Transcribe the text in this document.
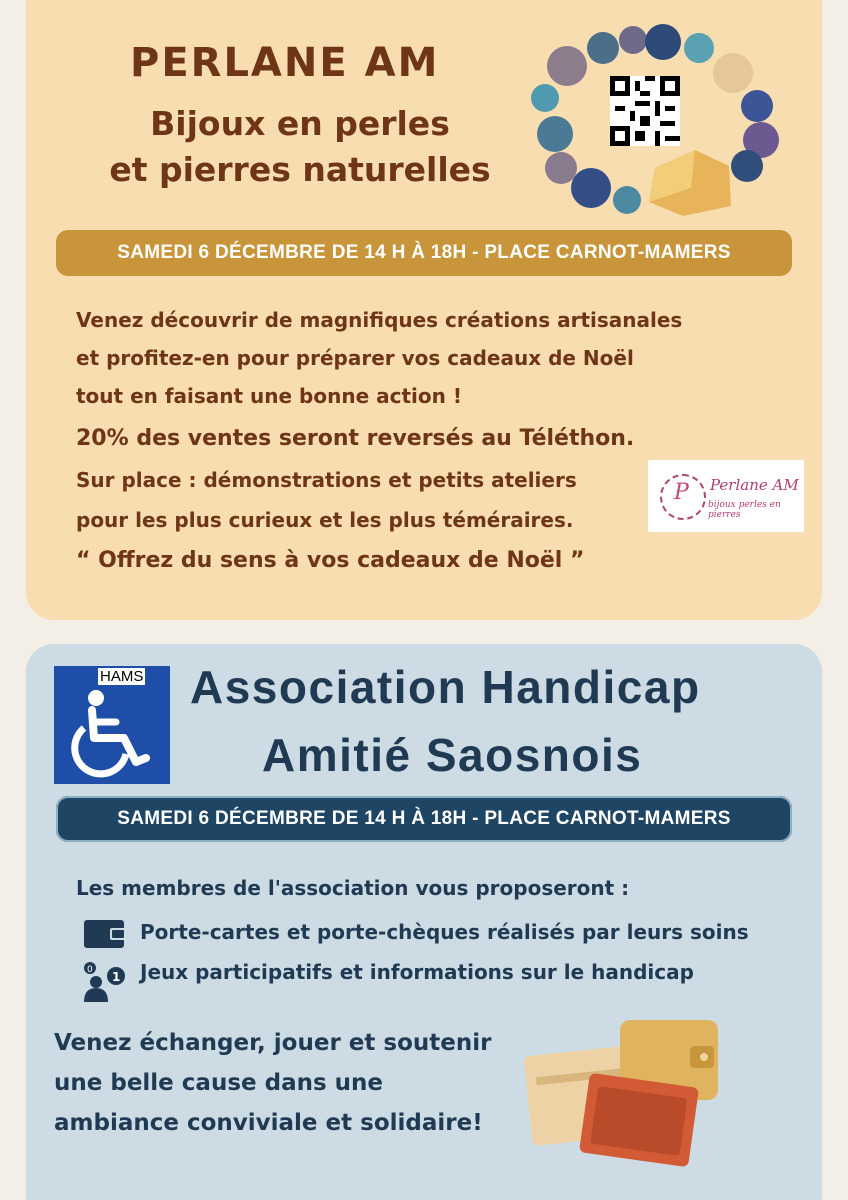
PERLANE AM
Bijoux en perles
et pierres naturelles
SAMEDI 6 DÉCEMBRE DE 14 H À 18H - PLACE CARNOT-MAMERS
Venez découvrir de magnifiques créations artisanales
et profitez-en pour préparer vos cadeaux de Noël
tout en faisant une bonne action !
20% des ventes seront reversés au Téléthon.
Sur place : démonstrations et petits ateliers
pour les plus curieux et les plus téméraires.
“ Offrez du sens à vos cadeaux de Noël ”
P Perlane AM
bijoux perles en pierres
HAMS Association Handicap
Amitié Saosnois
SAMEDI 6 DÉCEMBRE DE 14 H À 18H - PLACE CARNOT-MAMERS
Les membres de l'association vous proposeront :
Porte-cartes et porte-chèques réalisés par leurs soins
0 1 Jeux participatifs et informations sur le handicap
Venez échanger, jouer et soutenir
une belle cause dans une
ambiance conviviale et solidaire!
